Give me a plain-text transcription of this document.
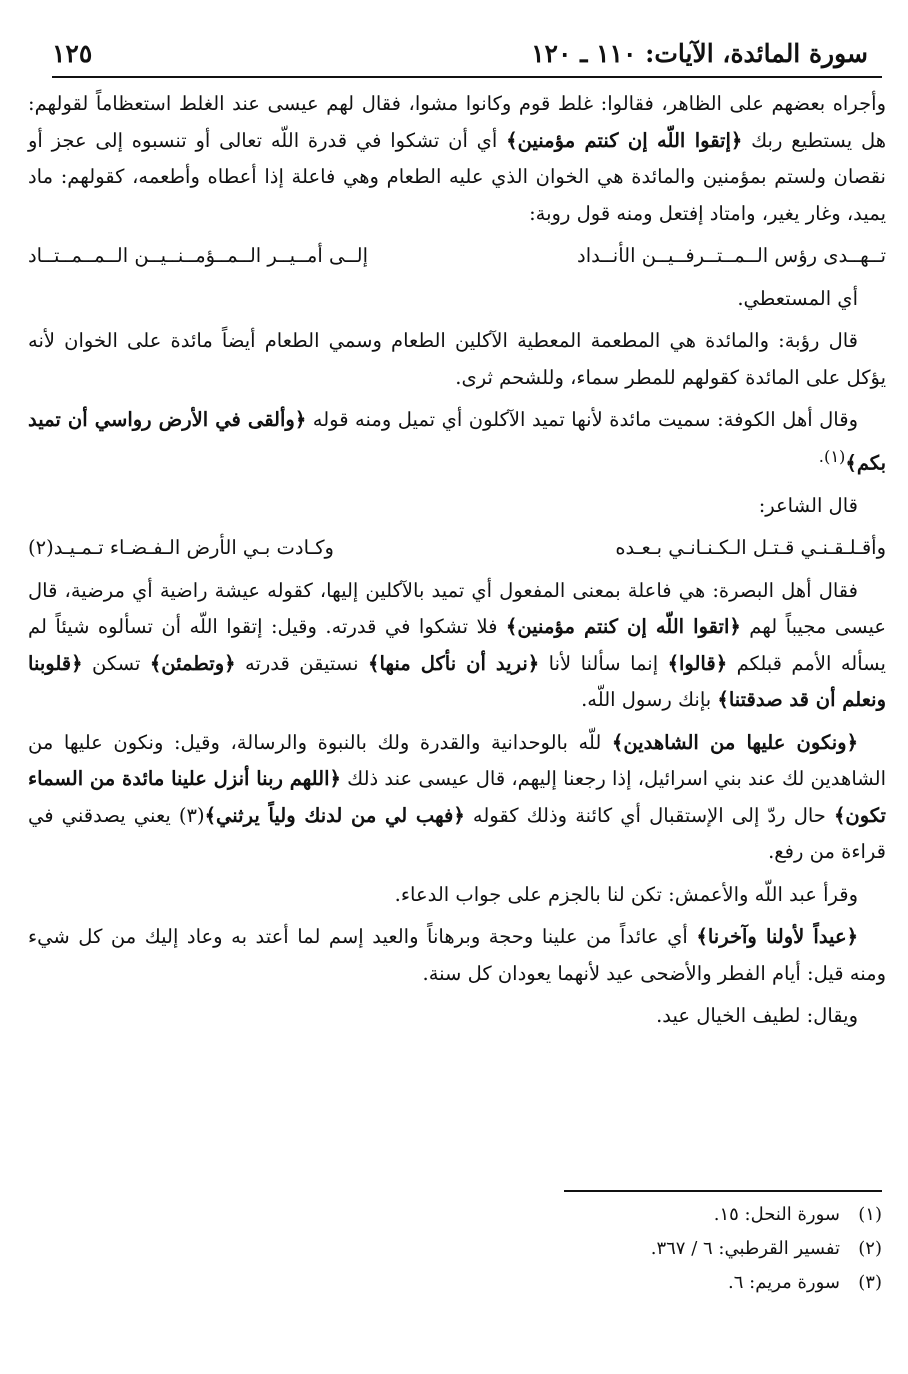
سورة المائدة، الآيات: ١١٠ ـ ١٢٠
١٢٥

وأجراه بعضهم على الظاهر، فقالوا: غلط قوم وكانوا مشوا، فقال لهم عيسى عند الغلط استعظاماً لقولهم: هل يستطيع ربك ﴿إتقوا اللّه إن كنتم مؤمنين﴾ أي أن تشكوا في قدرة اللّه تعالى أو تنسبوه إلى عجز أو نقصان ولستم بمؤمنين والمائدة هي الخوان الذي عليه الطعام وهي فاعلة إذا أعطاه وأطعمه، كقولهم: ماد يميد، وغار يغير، وامتاد إفتعل ومنه قول روبة:

تــهــدى رؤس الــمــتــرفــيــن الأنــداد
إلــى أمــيــر الــمــؤمــنــيــن الــمــمــتــاد

أي المستعطي.

قال رؤبة: والمائدة هي المطعمة المعطية الآكلين الطعام وسمي الطعام أيضاً مائدة على الخوان لأنه يؤكل على المائدة كقولهم للمطر سماء، وللشحم ثرى.

وقال أهل الكوفة: سميت مائدة لأنها تميد الآكلون أي تميل ومنه قوله ﴿وألقى في الأرض رواسي أن تميد بكم﴾$^{(١).}$

قال الشاعر:

وأقـلـقـنـي قـتـل الـكـنـانـي بـعـده
وكـادت بـي الأرض الـفـضـاء تـمـيـد(٢)

فقال أهل البصرة: هي فاعلة بمعنى المفعول أي تميد بالآكلين إليها، كقوله عيشة راضية أي مرضية، قال عيسى مجيباً لهم ﴿اتقوا اللّه إن كنتم مؤمنين﴾ فلا تشكوا في قدرته. وقيل: إتقوا اللّه أن تسألوه شيئاً لم يسأله الأمم قبلكم ﴿قالوا﴾ إنما سألنا لأنا ﴿نريد أن نأكل منها﴾ نستيقن قدرته ﴿وتطمئن﴾ تسكن ﴿قلوبنا ونعلم أن قد صدقتنا﴾ بإنك رسول اللّه.

﴿ونكون عليها من الشاهدين﴾ للّه بالوحدانية والقدرة ولك بالنبوة والرسالة، وقيل: ونكون عليها من الشاهدين لك عند بني اسرائيل، إذا رجعنا إليهم، قال عيسى عند ذلك ﴿اللهم ربنا أنزل علينا مائدة من السماء تكون﴾ حال ردّ إلى الإستقبال أي كائنة وذلك كقوله ﴿فهب لي من لدنك ولياً يرثني﴾(٣) يعني يصدقني في قراءة من رفع.

وقرأ عبد اللّه والأعمش: تكن لنا بالجزم على جواب الدعاء.

﴿عيداً لأولنا وآخرنا﴾ أي عائداً من علينا وحجة وبرهاناً والعيد إسم لما أعتد به وعاد إليك من كل شيء ومنه قيل: أيام الفطر والأضحى عيد لأنهما يعودان كل سنة.

ويقال: لطيف الخيال عيد.

(١)سورة النحل: ١٥.
(٢)تفسير القرطبي: ٦ / ٣٦٧.
(٣)سورة مريم: ٦.
